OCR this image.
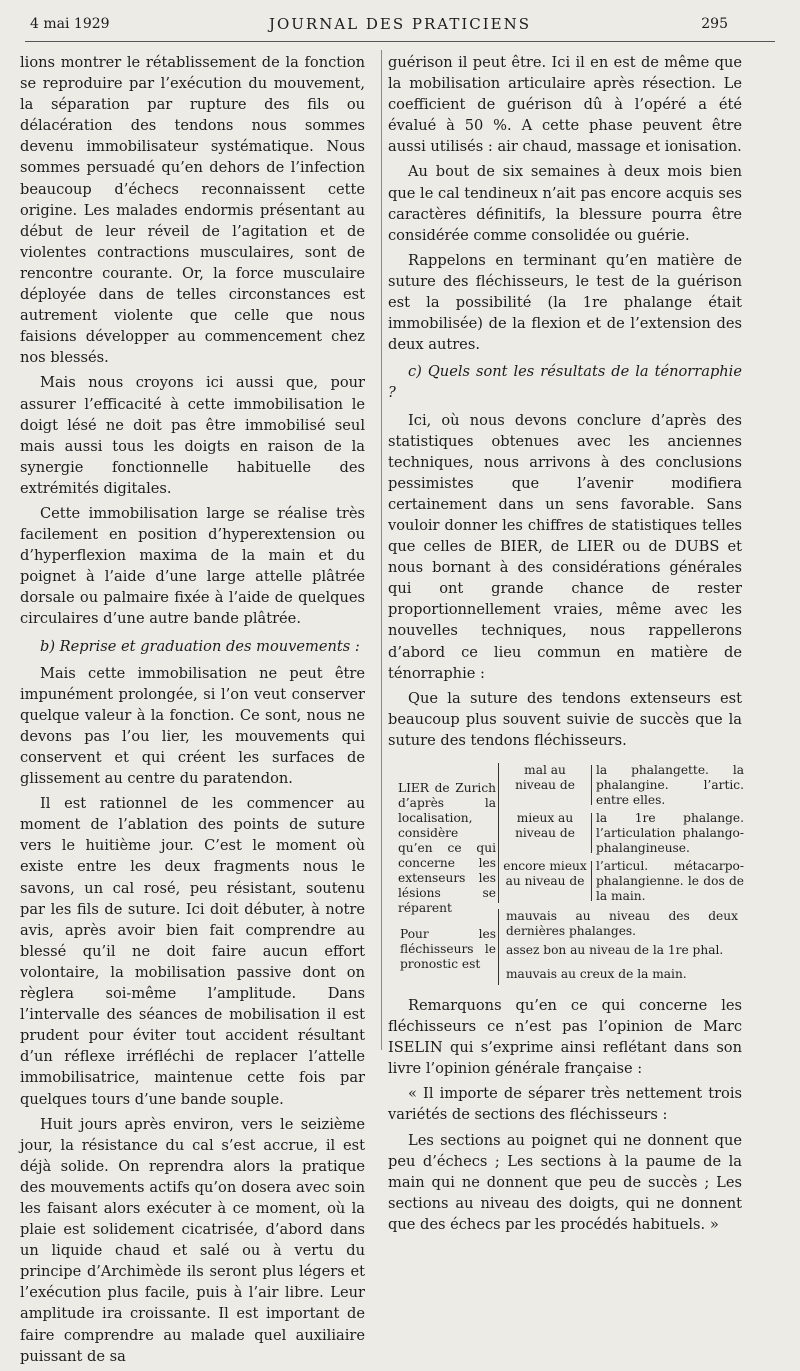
4 mai 1929	JOURNAL DES PRATICIENS	295

lions montrer le rétablissement de la fonction se reproduire par l’exécution du mouvement, la séparation par rupture des fils ou délacération des tendons nous sommes devenu immobilisateur systématique. Nous sommes persuadé qu’en dehors de l’infection beaucoup d’échecs reconnaissent cette origine. Les malades endormis présentant au début de leur réveil de l’agitation et de violentes contractions musculaires, sont de rencontre courante. Or, la force musculaire déployée dans de telles circonstances est autrement violente que celle que nous faisions développer au commencement chez nos blessés.

Mais nous croyons ici aussi que, pour assurer l’efficacité à cette immobilisation le doigt lésé ne doit pas être immobilisé seul mais aussi tous les doigts en raison de la synergie fonctionnelle habituelle des extrémités digitales.

Cette immobilisation large se réalise très facilement en position d’hyperextension ou d’hyperflexion maxima de la main et du poignet à l’aide d’une large attelle plâtrée dorsale ou palmaire fixée à l’aide de quelques circulaires d’une autre bande plâtrée.

b) Reprise et graduation des mouvements :

Mais cette immobilisation ne peut être impunément prolongée, si l’on veut conserver quelque valeur à la fonction. Ce sont, nous ne devons pas l’ou lier, les mouvements qui conservent et qui créent les surfaces de glissement au centre du paratendon.

Il est rationnel de les commencer au moment de l’ablation des points de suture vers le huitième jour. C’est le moment où existe entre les deux fragments nous le savons, un cal rosé, peu résistant, soutenu par les fils de suture. Ici doit débuter, à notre avis, après avoir bien fait comprendre au blessé qu’il ne doit faire aucun effort volontaire, la mobilisation passive dont on règlera soi-même l’amplitude. Dans l’intervalle des séances de mobilisation il est prudent pour éviter tout accident résultant d’un réflexe irréfléchi de replacer l’attelle immobilisatrice, maintenue cette fois par quelques tours d’une bande souple.

Huit jours après environ, vers le seizième jour, la résistance du cal s’est accrue, il est déjà solide. On reprendra alors la pratique des mouvements actifs qu’on dosera avec soin les faisant alors exécuter à ce moment, où la plaie est solidement cicatrisée, d’abord dans un liquide chaud et salé ou à vertu du principe d’Archimède ils seront plus légers et l’exécution plus facile, puis à l’air libre. Leur amplitude ira croissante. Il est important de faire comprendre au malade quel auxiliaire puissant de sa

guérison il peut être. Ici il en est de même que la mobilisation articulaire après résection. Le coefficient de guérison dû à l’opéré a été évalué à 50 %. A cette phase peuvent être aussi utilisés : air chaud, massage et ionisation.

Au bout de six semaines à deux mois bien que le cal tendineux n’ait pas encore acquis ses caractères définitifs, la blessure pourra être considérée comme consolidée ou guérie.

Rappelons en terminant qu’en matière de suture des fléchisseurs, le test de la guérison est la possibilité (la 1re phalange était immobilisée) de la flexion et de l’extension des deux autres.

c) Quels sont les résultats de la ténorraphie ?

Ici, où nous devons conclure d’après des statistiques obtenues avec les anciennes techniques, nous arrivons à des conclusions pessimistes que l’avenir modifiera certainement dans un sens favorable. Sans vouloir donner les chiffres de statistiques telles que celles de BIER, de LIER ou de DUBS et nous bornant à des considérations générales qui ont grande chance de rester proportionnellement vraies, même avec les nouvelles techniques, nous rappellerons d’abord ce lieu commun en matière de ténorraphie :

Que la suture des tendons extenseurs est beaucoup plus souvent suivie de succès que la suture des tendons fléchisseurs.

LIER de Zurich d’après la localisation, considère qu’en ce qui concerne les extenseurs les lésions se réparent
mal au niveau de
la phalangette. la phalangine. l’artic. entre elles.
mieux au niveau de
la 1re phalange. l’articulation phalango-phalangineuse.
encore mieux au niveau de
l’articul. métacarpo-phalangienne. le dos de la main.
Pour les fléchisseurs le pronostic est
mauvais au niveau des deux dernières phalanges.
assez bon au niveau de la 1re phal.
mauvais au creux de la main.

Remarquons qu’en ce qui concerne les fléchisseurs ce n’est pas l’opinion de Marc ISELIN qui s’exprime ainsi reflétant dans son livre l’opinion générale française :

« Il importe de séparer très nettement trois variétés de sections des fléchisseurs :

Les sections au poignet qui ne donnent que peu d’échecs ; Les sections à la paume de la main qui ne donnent que peu de succès ; Les sections au niveau des doigts, qui ne donnent que des échecs par les procédés habituels. »
